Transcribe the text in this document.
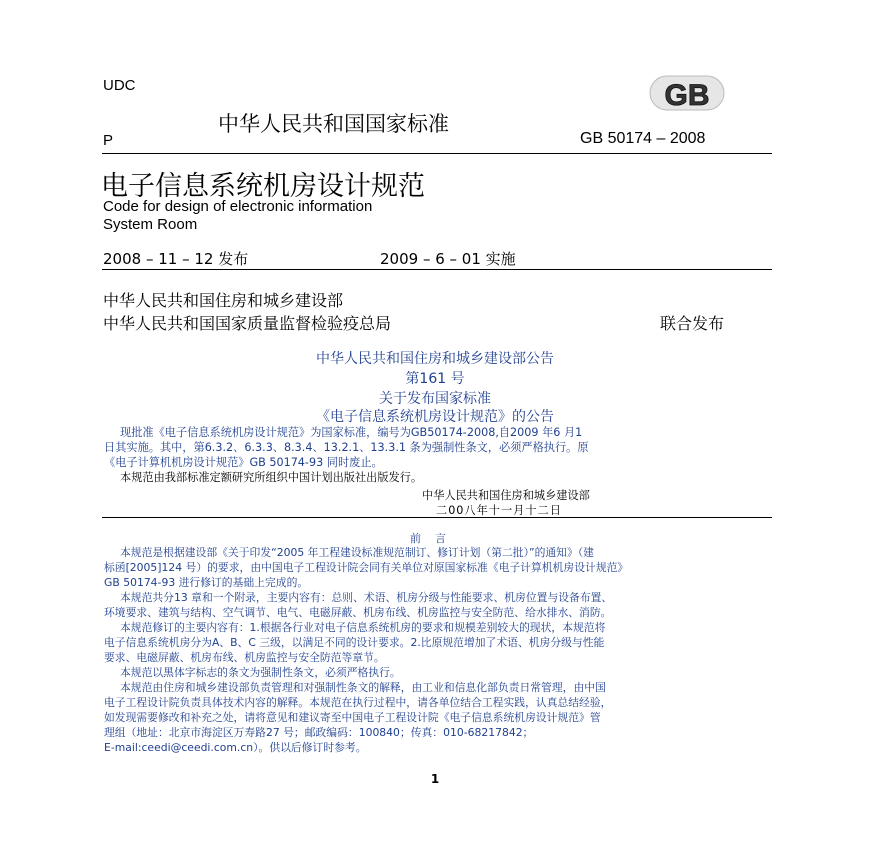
UDC
中华人民共和国国家标准
GB
P	GB 50174 – 2008
电子信息系统机房设计规范
Code for design of electronic information
System Room
2008 – 11 – 12 发布	2009 – 6 – 01 实施
中华人民共和国住房和城乡建设部
中华人民共和国国家质量监督检验疫总局	联合发布
中华人民共和国住房和城乡建设部公告
第161 号
关于发布国家标准
《电子信息系统机房设计规范》的公告
现批准《电子信息系统机房设计规范》为国家标准，编号为GB50174-2008,自2009 年6 月1
日其实施。其中，第6.3.2、6.3.3、8.3.4、13.2.1、13.3.1 条为强制性条文，必须严格执行。原
《电子计算机机房设计规范》GB 50174-93 同时废止。
本规范由我部标准定额研究所组织中国计划出版社出版发行。
中华人民共和国住房和城乡建设部
二00八年十一月十二日
前言
本规范是根据建设部《关于印发“2005 年工程建设标准规范制订、修订计划（第二批）”的通知》（建
标函[2005]124 号）的要求，由中国电子工程设计院会同有关单位对原国家标准《电子计算机机房设计规范》
GB 50174-93 进行修订的基础上完成的。
本规范共分13 章和一个附录，主要内容有：总则、术语、机房分级与性能要求、机房位置与设备布置、
环境要求、建筑与结构、空气调节、电气、电磁屏蔽、机房布线、机房监控与安全防范、给水排水、消防。
本规范修订的主要内容有：1.根据各行业对电子信息系统机房的要求和规模差别较大的现状，本规范将
电子信息系统机房分为A、B、C 三级，以满足不同的设计要求。2.比原规范增加了术语、机房分级与性能
要求、电磁屏蔽、机房布线、机房监控与安全防范等章节。
本规范以黑体字标志的条文为强制性条文，必须严格执行。
本规范由住房和城乡建设部负责管理和对强制性条文的解释，由工业和信息化部负责日常管理，由中国
电子工程设计院负责具体技术内容的解释。本规范在执行过程中，请各单位结合工程实践，认真总结经验，
如发现需要修改和补充之处，请将意见和建议寄至中国电子工程设计院《电子信息系统机房设计规范》管
理组（地址：北京市海淀区万寿路27 号；邮政编码：100840；传真：010-68217842；
E-mail:ceedi@ceedi.com.cn）。供以后修订时参考。
1
